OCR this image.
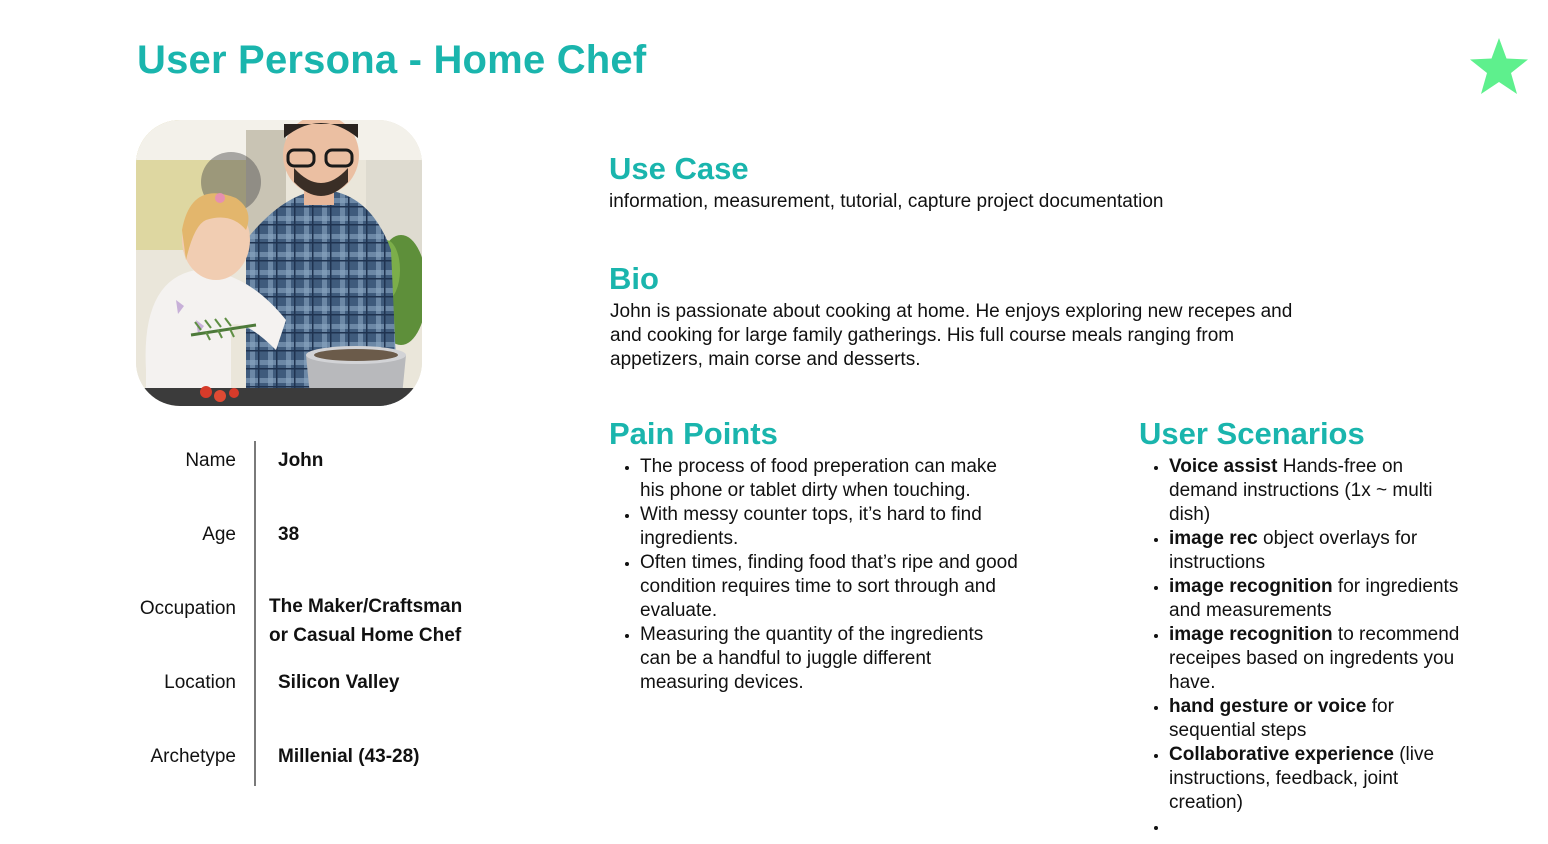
User Persona - Home Chef
Name John
Age 38
Occupation The Maker/Craftsman
or Casual Home Chef
Location Silicon Valley
Archetype Millenial (43-28)
Use Case

information, measurement, tutorial, capture project documentation

Bio

John is passionate about cooking at home. He enjoys exploring new recepes and
and cooking for large family gatherings. His full course meals ranging from
appetizers, main corse and desserts.

Pain Points
• The process of food preperation can make
his phone or tablet dirty when touching.
• With messy counter tops, it’s hard to find
ingredients.
• Often times, finding food that’s ripe and good
condition requires time to sort through and
evaluate.
• Measuring the quantity of the ingredients
can be a handful to juggle different
measuring devices.
User Scenarios
• Voice assist Hands-free on
demand instructions (1x ~ multi
dish)
• image rec object overlays for
instructions
• image recognition for ingredients
and measurements
• image recognition to recommend
receipes based on ingredents you
have.
• hand gesture or voice for
sequential steps
• Collaborative experience (live
instructions, feedback, joint
creation)
•
